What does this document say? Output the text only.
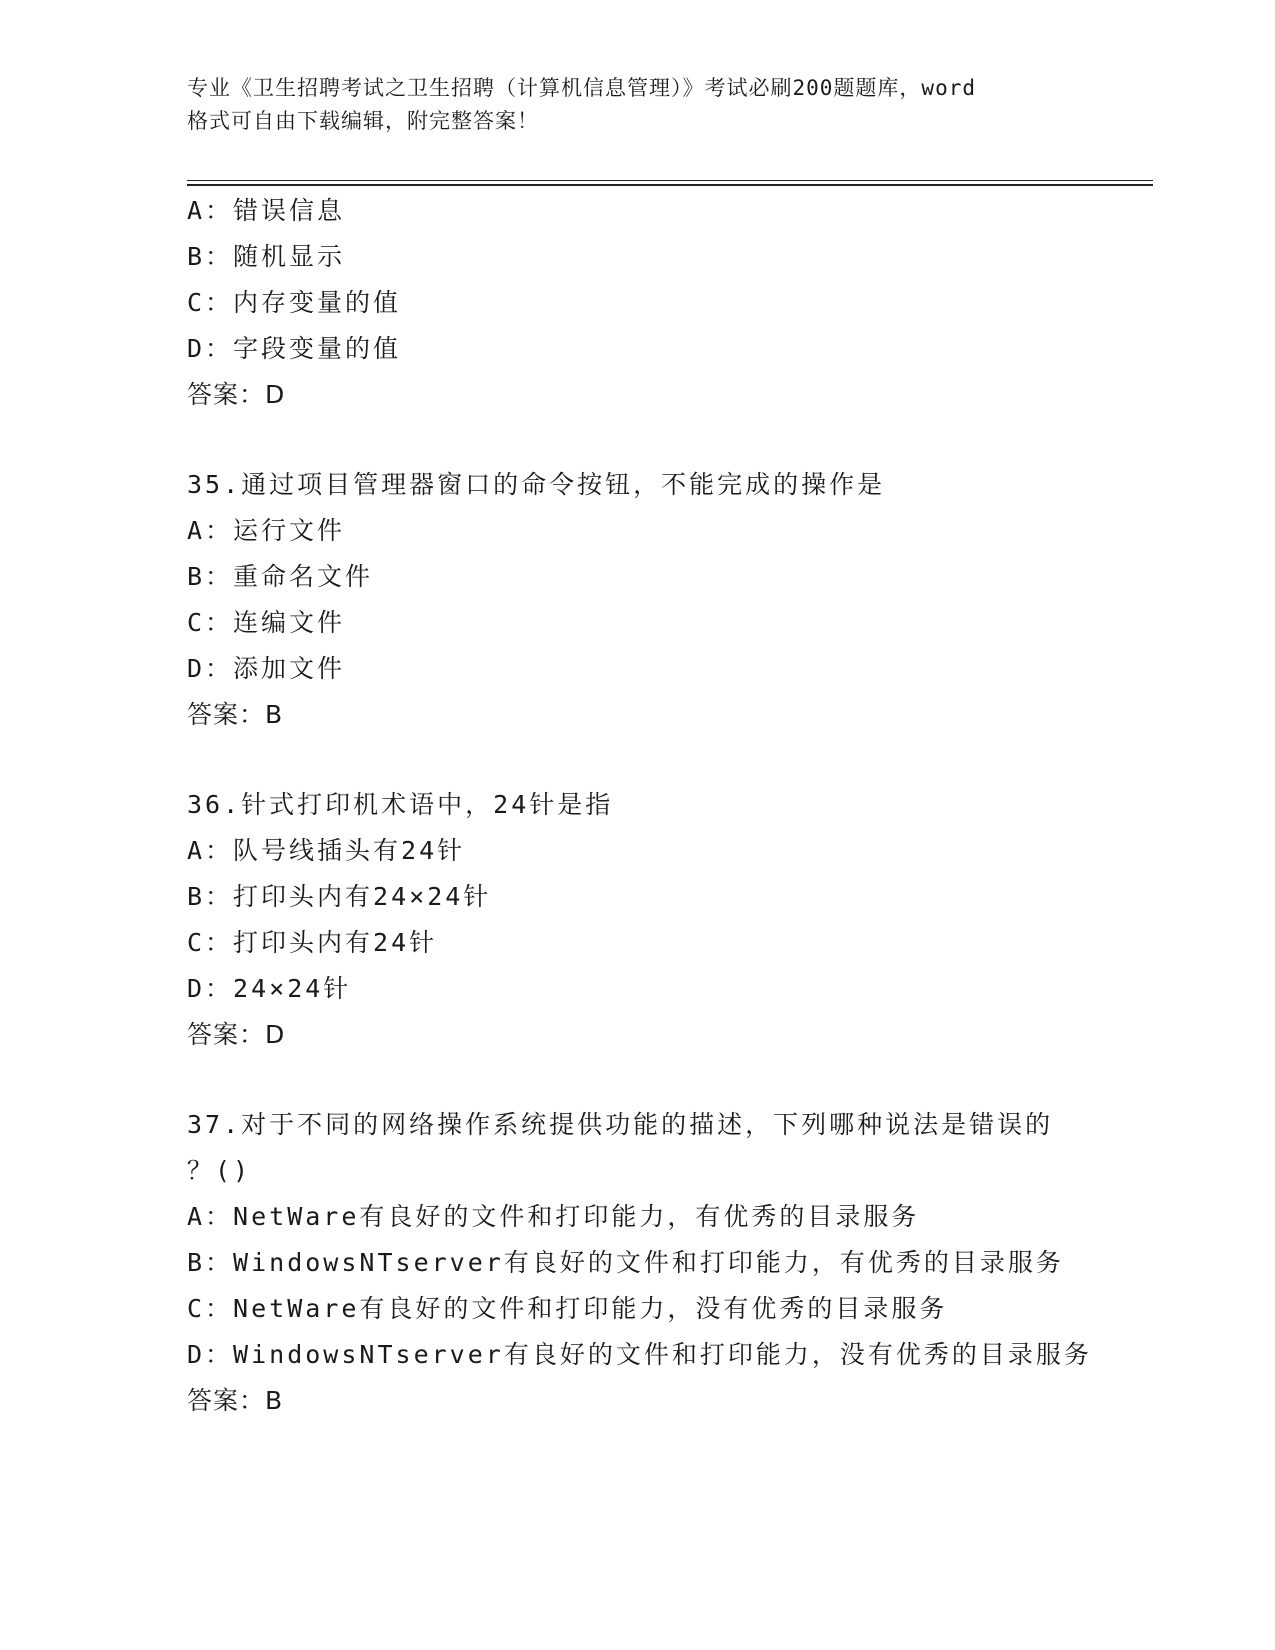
专业《卫生招聘考试之卫生招聘（计算机信息管理）》考试必刷200题题库，word
格式可自由下载编辑，附完整答案！
A：错误信息
B：随机显示
C：内存变量的值
D：字段变量的值
答案：D
35.通过项目管理器窗口的命令按钮，不能完成的操作是
A：运行文件
B：重命名文件
C：连编文件
D：添加文件
答案：B
36.针式打印机术语中，24针是指
A：队号线插头有24针
B：打印头内有24×24针
C：打印头内有24针
D：24×24针
答案：D
37.对于不同的网络操作系统提供功能的描述，下列哪种说法是错误的
？()
A：NetWare有良好的文件和打印能力，有优秀的目录服务
B：WindowsNTserver有良好的文件和打印能力，有优秀的目录服务
C：NetWare有良好的文件和打印能力，没有优秀的目录服务
D：WindowsNTserver有良好的文件和打印能力，没有优秀的目录服务
答案：B
